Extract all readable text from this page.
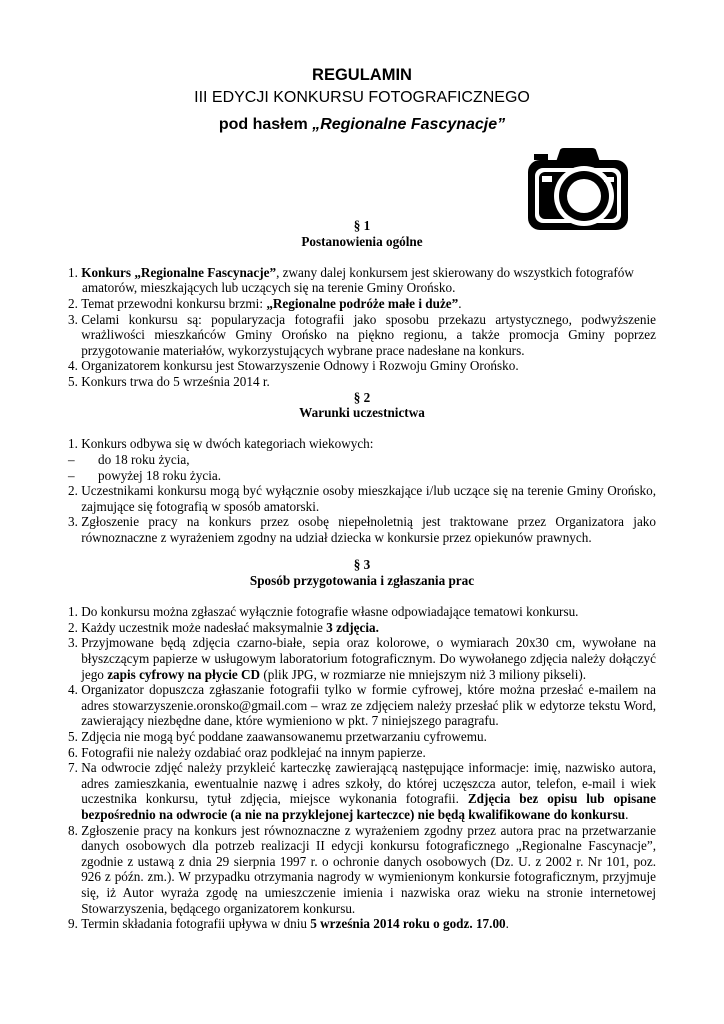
REGULAMIN
III EDYCJI KONKURSU FOTOGRAFICZNEGO
pod hasłem „Regionalne Fascynacje”
§ 1
Postanowienia ogólne
1. Konkurs „Regionalne Fascynacje”, zwany dalej konkursem jest skierowany do wszystkich fotografów
amatorów, mieszkających lub uczących się na terenie Gminy Orońsko.
2. Temat przewodni konkursu brzmi: „Regionalne podróże małe i duże”.
3. Celami konkursu są: popularyzacja fotografii jako sposobu przekazu artystycznego, podwyższenie wrażliwości mieszkańców Gminy Orońsko na piękno regionu, a także promocja Gminy poprzez przygotowanie materiałów, wykorzystujących wybrane prace nadesłane na konkurs.
4. Organizatorem konkursu jest Stowarzyszenie Odnowy i Rozwoju Gminy Orońsko.
5. Konkurs trwa do 5 września 2014 r.
§ 2
Warunki uczestnictwa
1. Konkurs odbywa się w dwóch kategoriach wiekowych:
–	do 18 roku życia,
–	powyżej 18 roku życia.
2. Uczestnikami konkursu mogą być wyłącznie osoby mieszkające i/lub uczące się na terenie Gminy Orońsko, zajmujące się fotografią w sposób amatorski.
3. Zgłoszenie pracy na konkurs przez osobę niepełnoletnią jest traktowane przez Organizatora jako równoznaczne z wyrażeniem zgodny na udział dziecka w konkursie przez opiekunów prawnych.
§ 3
Sposób przygotowania i zgłaszania prac
1. Do konkursu można zgłaszać wyłącznie fotografie własne odpowiadające tematowi konkursu.
2. Każdy uczestnik może nadesłać maksymalnie 3 zdjęcia.
3. Przyjmowane będą zdjęcia czarno-białe, sepia oraz kolorowe, o wymiarach 20x30 cm, wywołane na błyszczącym papierze w usługowym laboratorium fotograficznym. Do wywołanego zdjęcia należy dołączyć jego zapis cyfrowy na płycie CD (plik JPG, w rozmiarze nie mniejszym niż 3 miliony pikseli).
4. Organizator dopuszcza zgłaszanie fotografii tylko w formie cyfrowej, które można przesłać e-mailem na adres stowarzyszenie.oronsko@gmail.com – wraz ze zdjęciem należy przesłać plik w edytorze tekstu Word, zawierający niezbędne dane, które wymieniono w pkt. 7 niniejszego paragrafu.
5. Zdjęcia nie mogą być poddane zaawansowanemu przetwarzaniu cyfrowemu.
6. Fotografii nie należy ozdabiać oraz podklejać na innym papierze.
7. Na odwrocie zdjęć należy przykleić karteczkę zawierającą następujące informacje: imię, nazwisko autora, adres zamieszkania, ewentualnie nazwę i adres szkoły, do której uczęszcza autor, telefon, e-mail i wiek uczestnika konkursu, tytuł zdjęcia, miejsce wykonania fotografii. Zdjęcia bez opisu lub opisane bezpośrednio na odwrocie (a nie na przyklejonej karteczce) nie będą kwalifikowane do konkursu.
8. Zgłoszenie pracy na konkurs jest równoznaczne z wyrażeniem zgodny przez autora prac na przetwarzanie danych osobowych dla potrzeb realizacji II edycji konkursu fotograficznego „Regionalne Fascynacje”, zgodnie z ustawą z dnia 29 sierpnia 1997 r. o ochronie danych osobowych (Dz. U. z 2002 r. Nr 101, poz. 926 z późn. zm.). W przypadku otrzymania nagrody w wymienionym konkursie fotograficznym, przyjmuje się, iż Autor wyraża zgodę na umieszczenie imienia i nazwiska oraz wieku na stronie internetowej Stowarzyszenia, będącego organizatorem konkursu.
9. Termin składania fotografii upływa w dniu 5 września 2014 roku o godz. 17.00.
